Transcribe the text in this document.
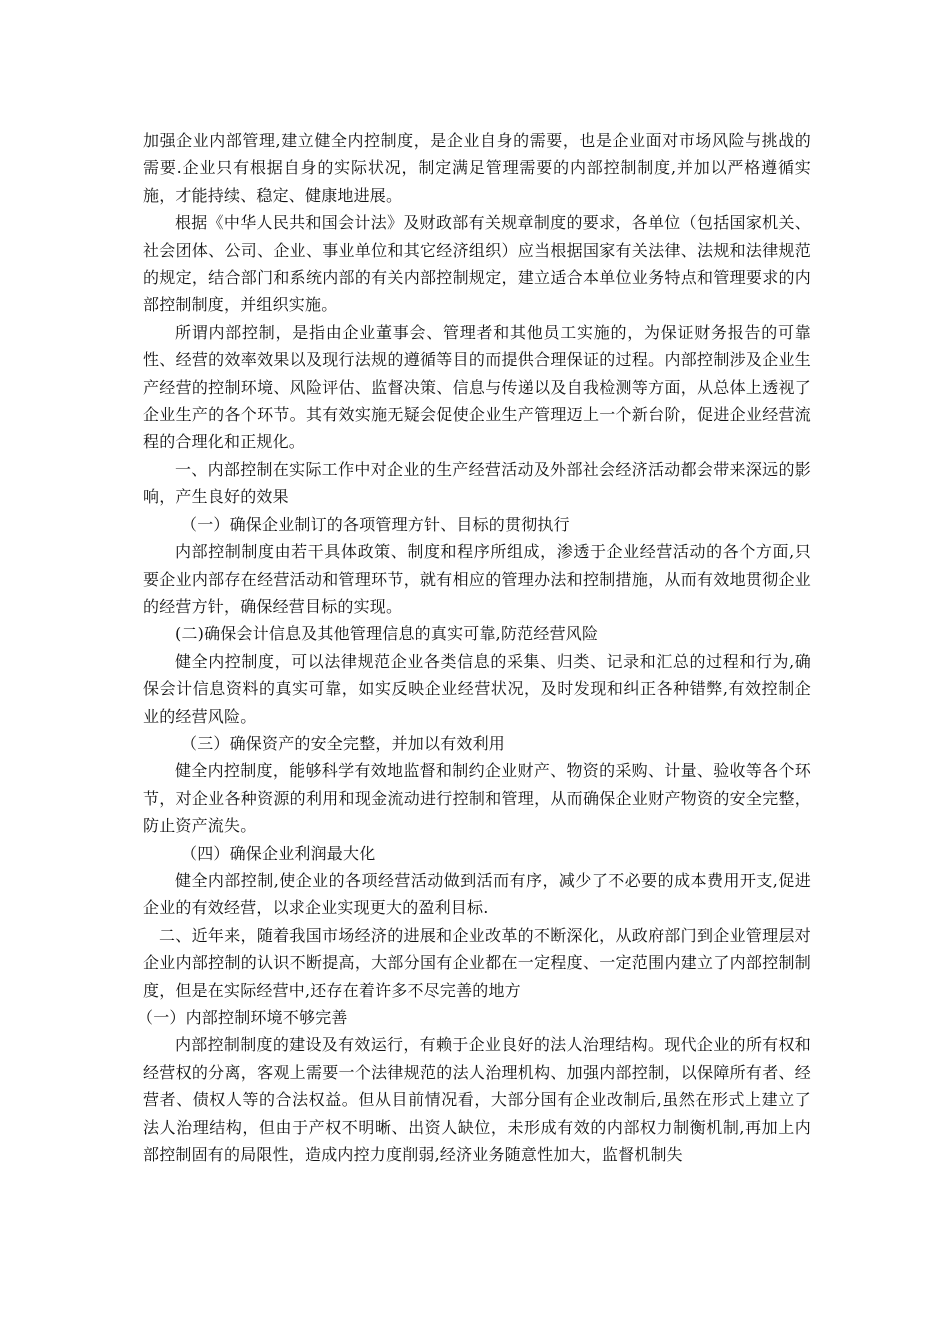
加强企业内部管理,建立健全内控制度，是企业自身的需要，也是企业面对市场风险与挑战的需要.企业只有根据自身的实际状况，制定满足管理需要的内部控制制度,并加以严格遵循实施，才能持续、稳定、健康地进展。

根据《中华人民共和国会计法》及财政部有关规章制度的要求，各单位（包括国家机关、社会团体、公司、企业、事业单位和其它经济组织）应当根据国家有关法律、法规和法律规范的规定，结合部门和系统内部的有关内部控制规定，建立适合本单位业务特点和管理要求的内部控制制度，并组织实施。

所谓内部控制，是指由企业董事会、管理者和其他员工实施的，为保证财务报告的可靠性、经营的效率效果以及现行法规的遵循等目的而提供合理保证的过程。内部控制涉及企业生产经营的控制环境、风险评估、监督决策、信息与传递以及自我检测等方面，从总体上透视了企业生产的各个环节。其有效实施无疑会促使企业生产管理迈上一个新台阶，促进企业经营流程的合理化和正规化。

一、内部控制在实际工作中对企业的生产经营活动及外部社会经济活动都会带来深远的影响，产生良好的效果

（一）确保企业制订的各项管理方针、目标的贯彻执行

内部控制制度由若干具体政策、制度和程序所组成，渗透于企业经营活动的各个方面,只要企业内部存在经营活动和管理环节，就有相应的管理办法和控制措施，从而有效地贯彻企业的经营方针，确保经营目标的实现。

(二)确保会计信息及其他管理信息的真实可靠,防范经营风险

健全内控制度，可以法律规范企业各类信息的采集、归类、记录和汇总的过程和行为,确保会计信息资料的真实可靠，如实反映企业经营状况，及时发现和纠正各种错弊,有效控制企业的经营风险。

（三）确保资产的安全完整，并加以有效利用

健全内控制度，能够科学有效地监督和制约企业财产、物资的采购、计量、验收等各个环节，对企业各种资源的利用和现金流动进行控制和管理，从而确保企业财产物资的安全完整，防止资产流失。

（四）确保企业利润最大化

健全内部控制,使企业的各项经营活动做到活而有序，减少了不必要的成本费用开支,促进企业的有效经营，以求企业实现更大的盈利目标.

二、近年来，随着我国市场经济的进展和企业改革的不断深化，从政府部门到企业管理层对企业内部控制的认识不断提高，大部分国有企业都在一定程度、一定范围内建立了内部控制制度，但是在实际经营中,还存在着许多不尽完善的地方

（一）内部控制环境不够完善

内部控制制度的建设及有效运行，有赖于企业良好的法人治理结构。现代企业的所有权和经营权的分离，客观上需要一个法律规范的法人治理机构、加强内部控制，以保障所有者、经营者、债权人等的合法权益。但从目前情况看，大部分国有企业改制后,虽然在形式上建立了法人治理结构，但由于产权不明晰、出资人缺位，未形成有效的内部权力制衡机制,再加上内部控制固有的局限性，造成内控力度削弱,经济业务随意性加大，监督机制失
